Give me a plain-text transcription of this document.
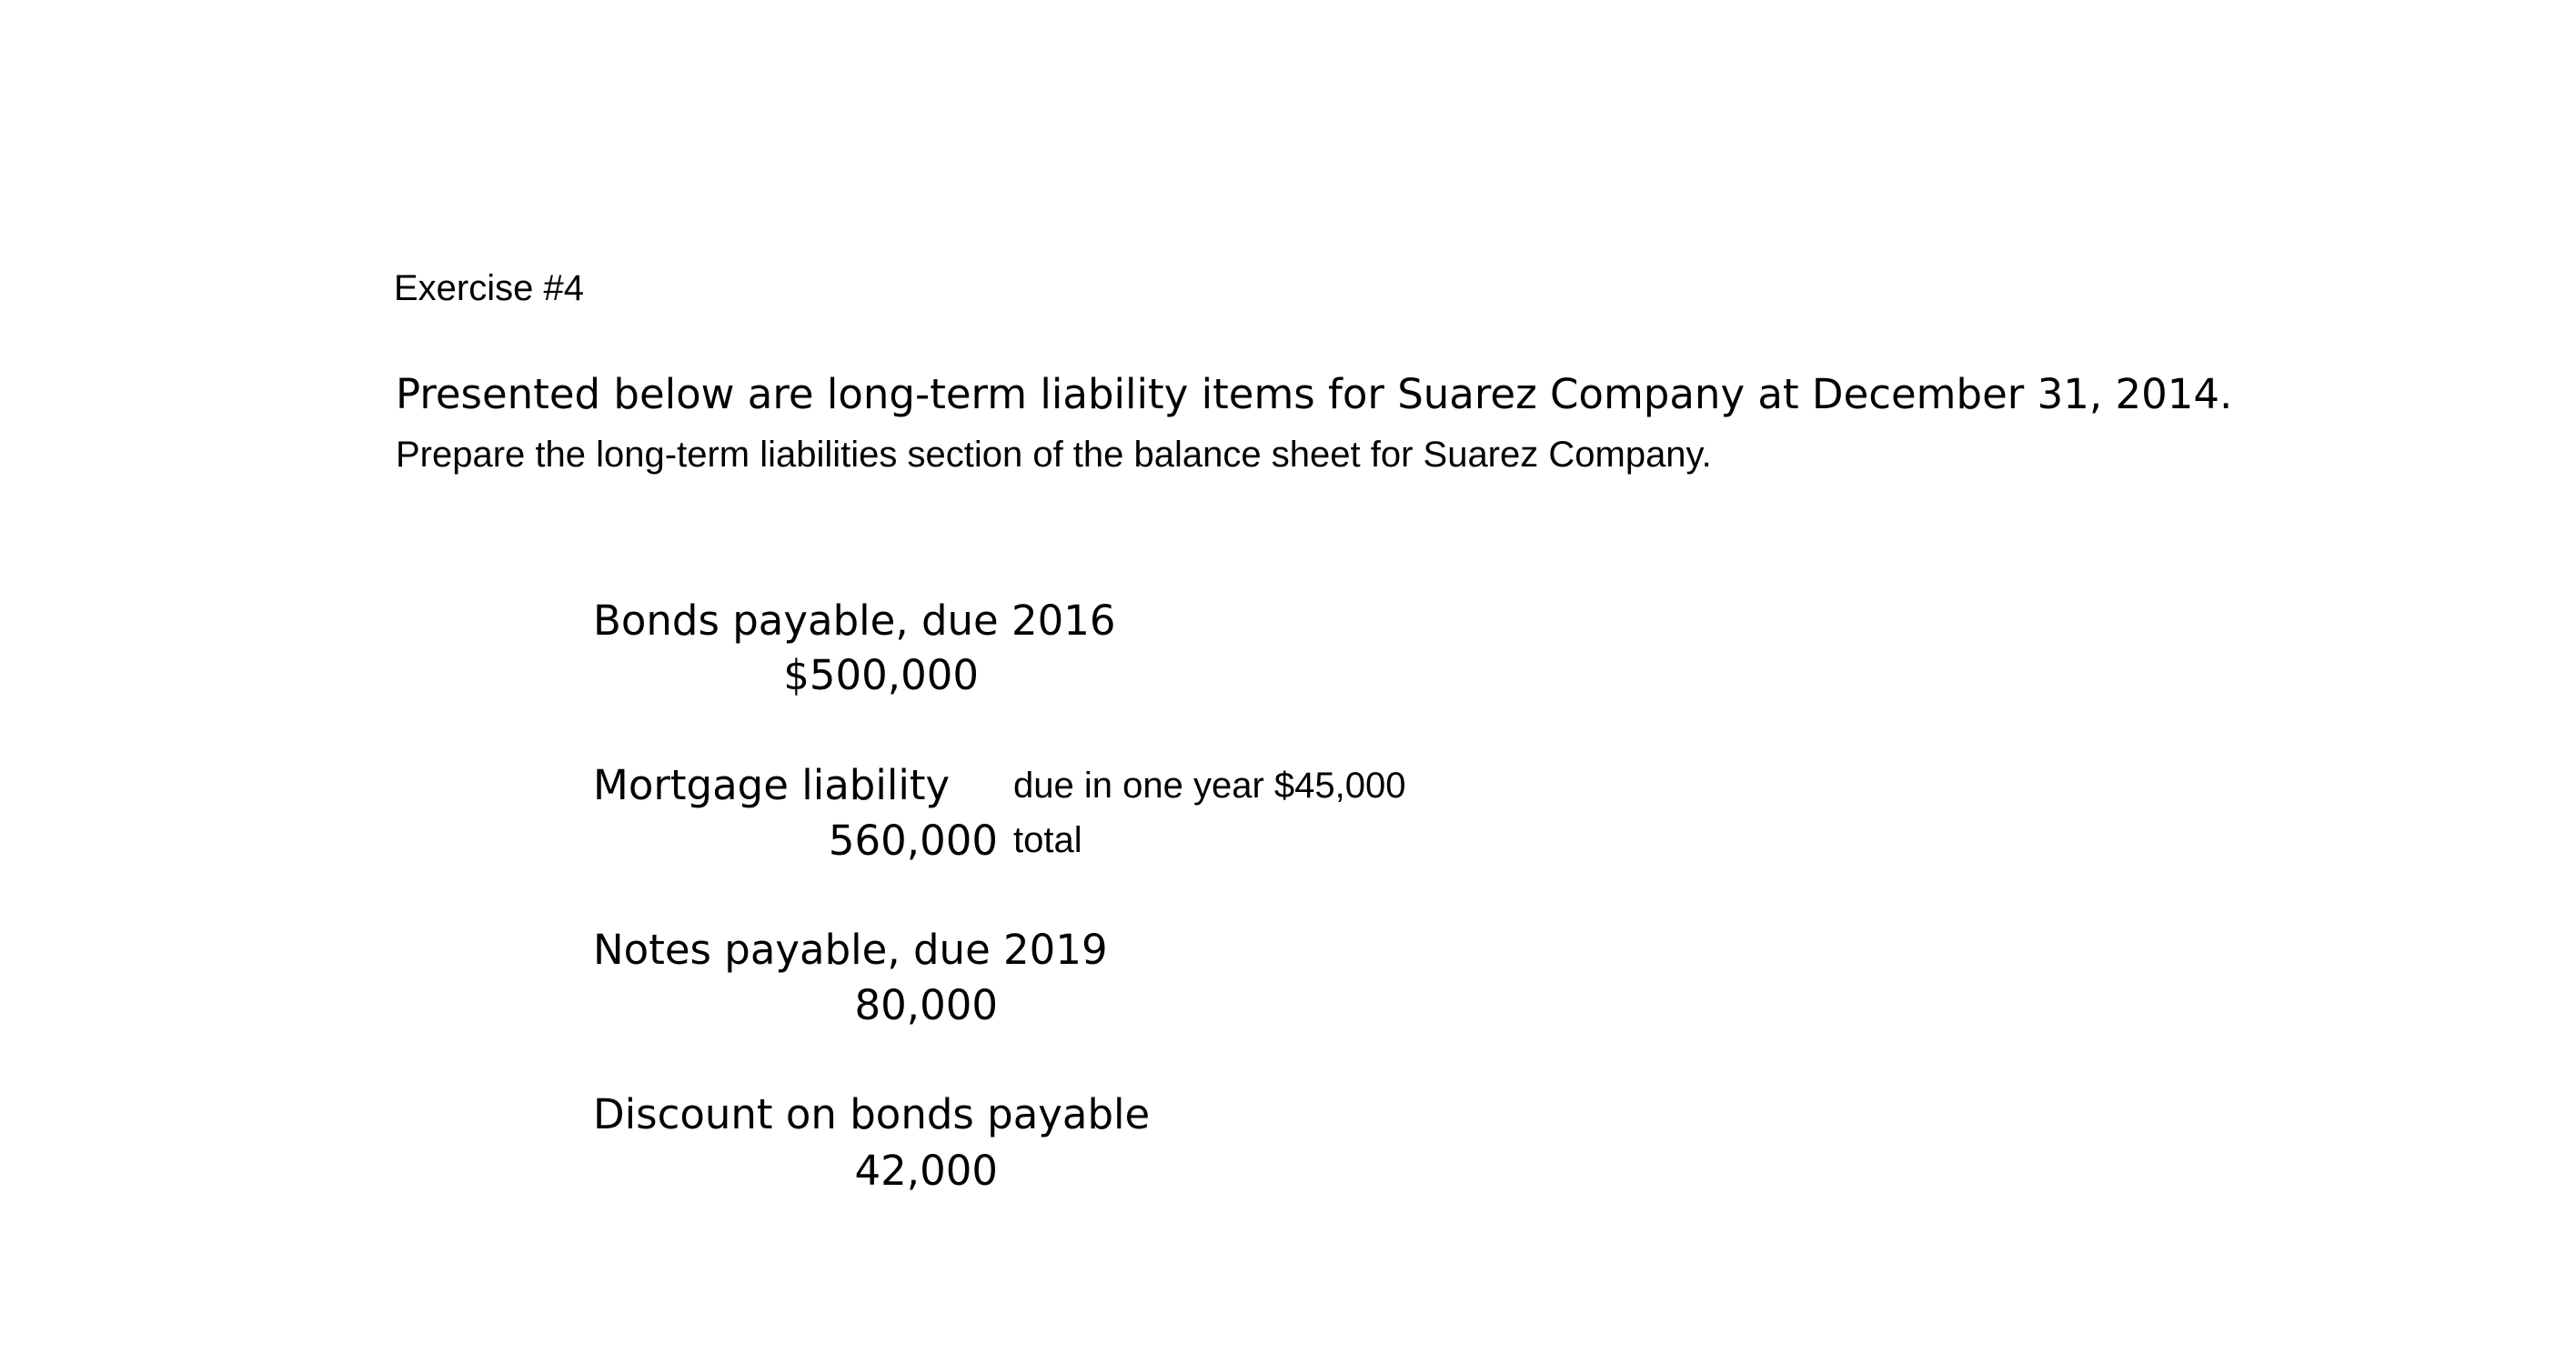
Exercise #4
Presented below are long-term liability items for Suarez Company at December 31, 2014.
Prepare the long-term liabilities section of the balance sheet for Suarez Company.
Bonds payable, due 2016
$500,000
Mortgage liability due in one year $45,000
560,000 total
Notes payable, due 2019
80,000
Discount on bonds payable
42,000
